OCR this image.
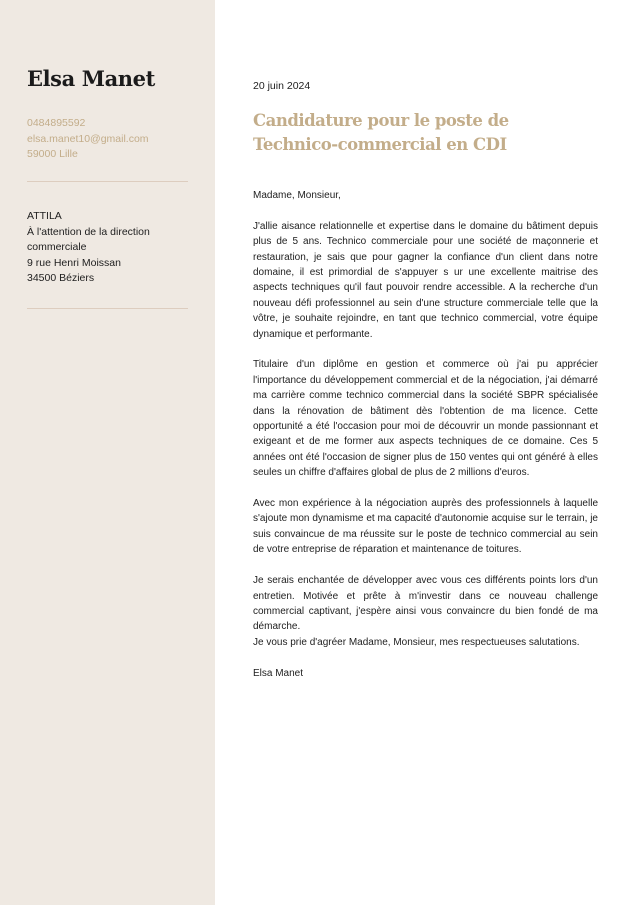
Elsa Manet
0484895592
elsa.manet10@gmail.com
59000 Lille
ATTILA
À l'attention de la direction commerciale
9 rue Henri Moissan
34500 Béziers

20 juin 2024

Candidature pour le poste de Technico-commercial en CDI

Madame, Monsieur,

J'allie aisance relationnelle et expertise dans le domaine du bâtiment depuis plus de 5 ans. Technico commerciale pour une société de maçonnerie et restauration, je sais que pour gagner la confiance d'un client dans notre domaine, il est primordial de s'appuyer s ur une excellente maitrise des aspects techniques qu'il faut pouvoir rendre accessible. A la recherche d'un nouveau défi professionnel au sein d'une structure commerciale telle que la vôtre, je souhaite rejoindre, en tant que technico commercial, votre équipe dynamique et performante.

Titulaire d'un diplôme en gestion et commerce où j'ai pu apprécier l'importance du développement commercial et de la négociation, j'ai démarré ma carrière comme technico commercial dans la société SBPR spécialisée dans la rénovation de bâtiment dès l'obtention de ma licence. Cette opportunité a été l'occasion pour moi de découvrir un monde passionnant et exigeant et de me former aux aspects techniques de ce domaine. Ces 5 années ont été l'occasion de signer plus de 150 ventes qui ont généré à elles seules un chiffre d'affaires global de plus de 2 millions d'euros.

Avec mon expérience à la négociation auprès des professionnels à laquelle s'ajoute mon dynamisme et ma capacité d'autonomie acquise sur le terrain, je suis convaincue de ma réussite sur le poste de technico commercial au sein de votre entreprise de réparation et maintenance de toitures.

Je serais enchantée de développer avec vous ces différents points lors d'un entretien. Motivée et prête à m'investir dans ce nouveau challenge commercial captivant, j'espère ainsi vous convaincre du bien fondé de ma démarche.

Je vous prie d'agréer Madame, Monsieur, mes respectueuses salutations.

Elsa Manet
